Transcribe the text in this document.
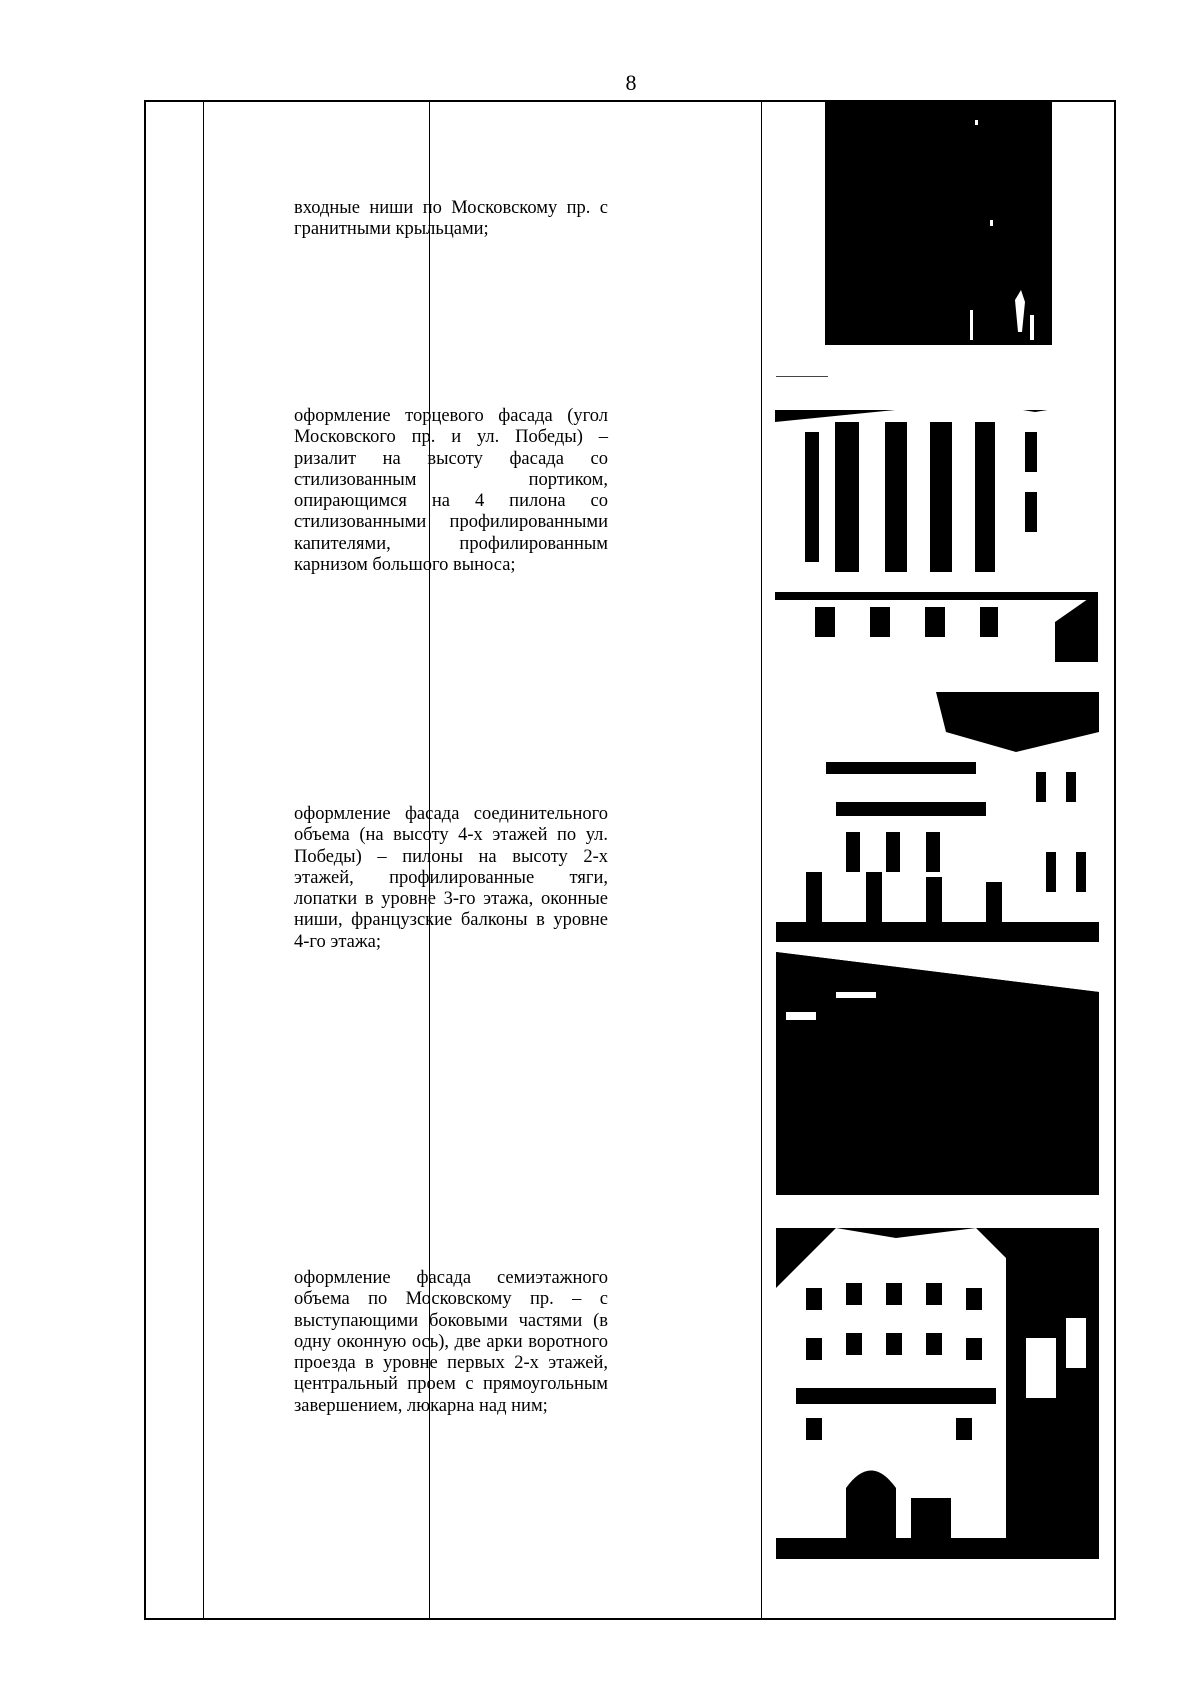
8
входные ниши по Московскому пр. с гранитными крыльцами;
оформление торцевого фасада (угол Московского пр. и ул. Победы) – ризалит на высоту фасада со стилизованным портиком, опирающимся на 4 пилона со стилизованными профилированными капителями, профилированным карнизом большого выноса;
оформление фасада соединительного объема (на высоту 4-х этажей по ул. Победы) – пилоны на высоту 2-х этажей, профилированные тяги, лопатки в уровне 3-го этажа, оконные ниши, французские балконы в уровне 4-го этажа;
оформление фасада семиэтажного объема по Московскому пр. – с выступающими боковыми частями (в одну оконную ось), две арки воротного проезда в уровне первых 2-х этажей, центральный проем с прямоугольным завершением, люкарна над ним;
